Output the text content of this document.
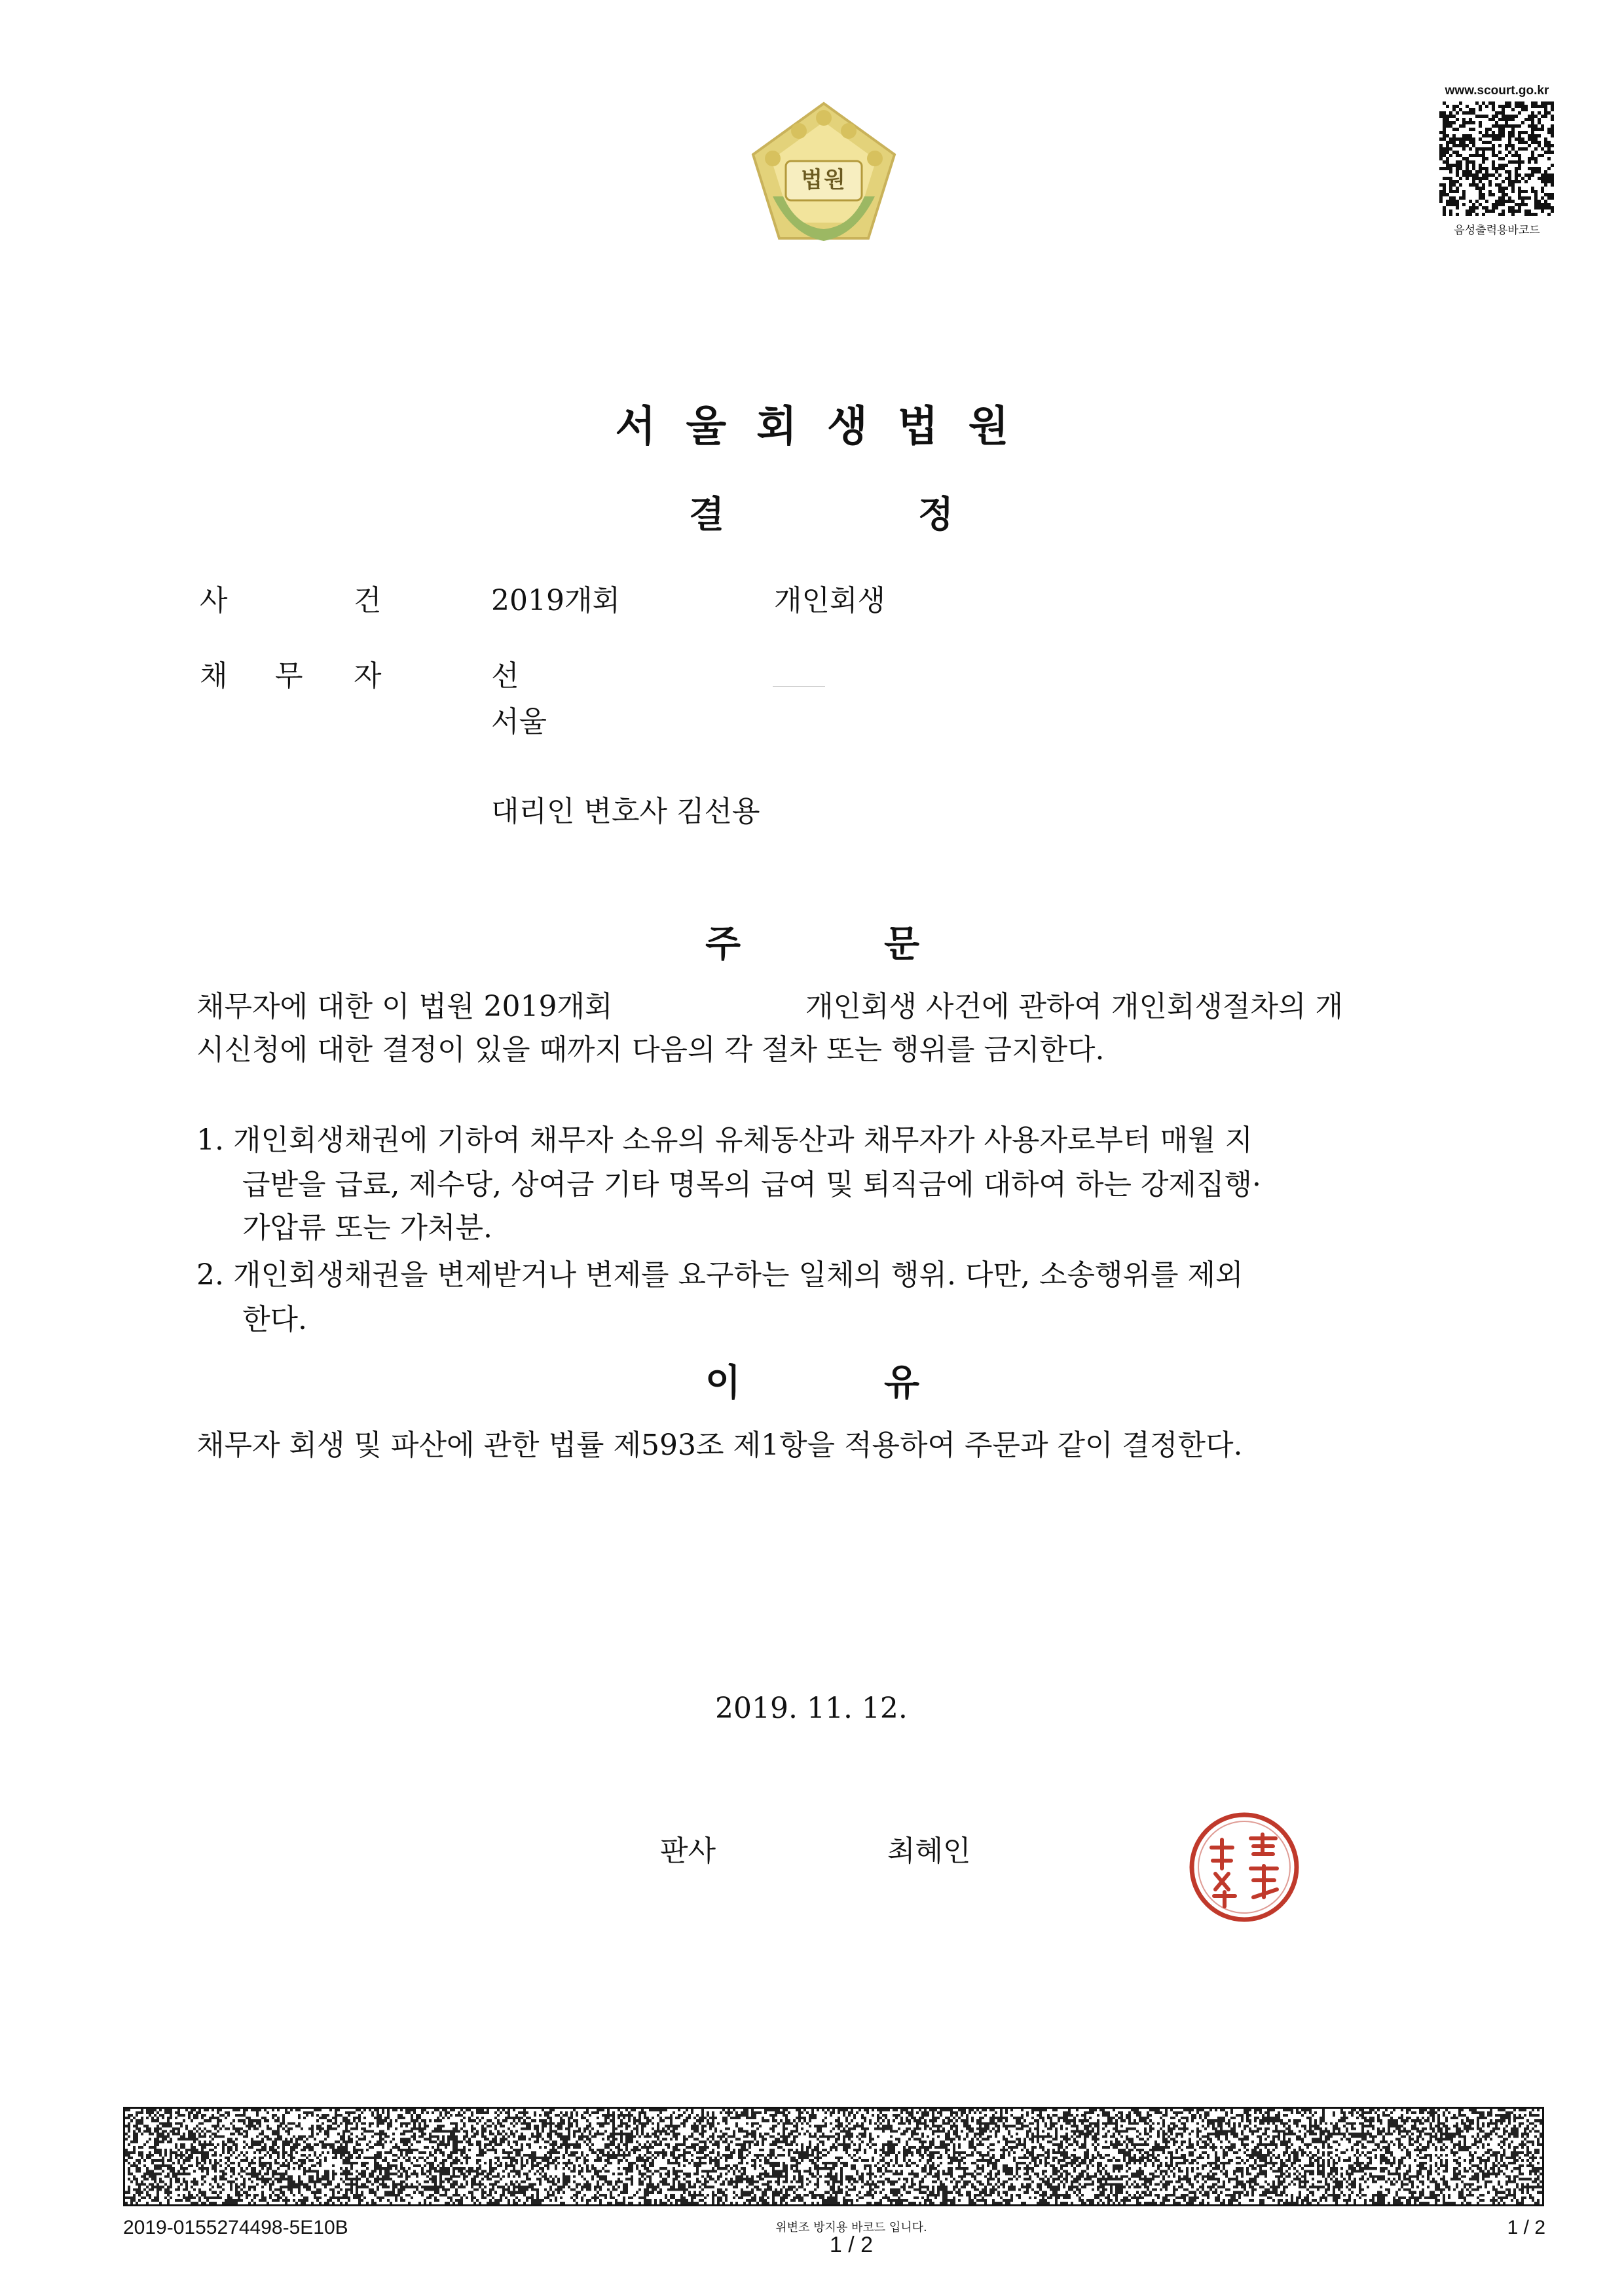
법원
www.scourt.go.kr
음성출력용바코드
서울회생법원
결	정
사	건	2019개회	개인회생
채 무 자	선
서울
대리인 변호사 김선용
주	문
채무자에 대한 이 법원 2019개회	개인회생 사건에 관하여 개인회생절차의 개
시신청에 대한 결정이 있을 때까지 다음의 각 절차 또는 행위를 금지한다.
1. 개인회생채권에 기하여 채무자 소유의 유체동산과 채무자가 사용자로부터 매월 지
급받을 급료, 제수당, 상여금 기타 명목의 급여 및 퇴직금에 대하여 하는 강제집행·
가압류 또는 가처분.
2. 개인회생채권을 변제받거나 변제를 요구하는 일체의 행위. 다만, 소송행위를 제외
한다.
이	유
채무자 회생 및 파산에 관한 법률 제593조 제1항을 적용하여 주문과 같이 결정한다.
2019. 11. 12.
판사	최혜인
2019-0155274498-5E10B	위변조 방지용 바코드 입니다.
1 / 2
1 / 2
